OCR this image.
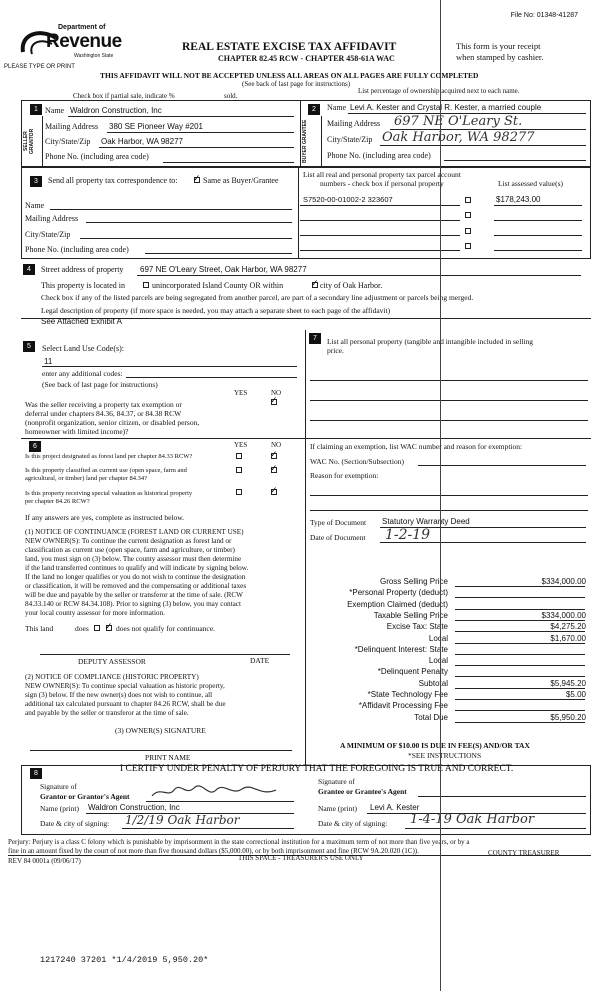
File No: 01348-41287
Department of
Revenue
Washington State
PLEASE TYPE OR PRINT
REAL ESTATE EXCISE TAX AFFIDAVIT
CHAPTER 82.45 RCW - CHAPTER 458-61A WAC
This form is your receipt
when stamped by cashier.
THIS AFFIDAVIT WILL NOT BE ACCEPTED UNLESS ALL AREAS ON ALL PAGES ARE FULLY COMPLETED
(See back of last page for instructions)
Check box if partial sale, indicate %	sold.
List percentage of ownership acquired next to each name.
1
SELLER GRANTOR
Name Waldron Construction, Inc
Mailing Address 380 SE Pioneer Way #201
City/State/Zip Oak Harbor, WA 98277
Phone No. (including area code)
2
BUYER GRANTEE
Name Levi A. Kester and Crystal R. Kester, a married couple
Mailing Address 697 NE O'Leary St.
City/State/Zip Oak Harbor, WA 98277
Phone No. (including area code)
3	Send all property tax correspondence to: ✓ Same as Buyer/Grantee
Name
Mailing Address
City/State/Zip
Phone No. (including area code)
List all real and personal property tax parcel account
numbers - check box if personal property	List assessed value(s)
S7520-00-01002-2 323607	$178,243.00
4	Street address of property 697 NE O'Leary Street, Oak Harbor, WA 98277
This property is located in	unincorporated Island County OR within	✓ city of Oak Harbor.
Check box if any of the listed parcels are being segregated from another parcel, are part of a secondary line adjustment or parcels being merged.
Legal description of property (if more space is needed, you may attach a separate sheet to each page of the affidavit)
See Attached Exhibit A
5	Select Land Use Code(s):
11
enter any additional codes:
(See back of last page for instructions)
YES	NO
Was the seller receiving a property tax exemption or
deferral under chapters 84.36, 84.37, or 84.38 RCW
(nonprofit organization, senior citizen, or disabled person,
homeowner with limited income)?
✓
7	List all personal property (tangible and intangible included in selling
price.
6	YES	NO
Is this project designated as forest land per chapter 84.33 RCW?	✓
Is this property classified as current use (open space, farm and
agricultural, or timber) land per chapter 84.34?
✓
Is this property receiving special valuation as historical property
per chapter 84.26 RCW?
✓
If any answers are yes, complete as instructed below.
(1) NOTICE OF CONTINUANCE (FOREST LAND OR CURRENT USE)
NEW OWNER(S): To continue the current designation as forest land or
classification as current use (open space, farm and agriculture, or timber)
land, you must sign on (3) below. The county assessor must then determine
if the land transferred continues to qualify and will indicate by signing below.
If the land no longer qualifies or you do not wish to continue the designation
or classification, it will be removed and the compensating or additional taxes
will be due and payable by the seller or transferor at the time of sale. (RCW
84.33.140 or RCW 84.34.108). Prior to signing (3) below, you may contact
your local county assessor for more information.
This land	does ✓ does not qualify for continuance.
DEPUTY ASSESSOR	DATE
(2) NOTICE OF COMPLIANCE (HISTORIC PROPERTY)
NEW OWNER(S): To continue special valuation as historic property,
sign (3) below. If the new owner(s) does not wish to continue, all
additional tax calculated pursuant to chapter 84.26 RCW, shall be due
and payable by the seller or transferor at the time of sale.
(3) OWNER(S) SIGNATURE
PRINT NAME
If claiming an exemption, list WAC number and reason for exemption:
WAC No. (Section/Subsection)
Reason for exemption:
Type of Document Statutory Warranty Deed
Date of Document 1-2-19
Gross Selling Price	$334,000.00
*Personal Property (deduct)
Exemption Claimed (deduct)
Taxable Selling Price	$334,000.00
Excise Tax: State	$4,275.20
Local	$1,670.00
*Delinquent Interest: State
Local
*Delinquent Penalty
Subtotal	$5,945.20
*State Technology Fee	$5.00
*Affidavit Processing Fee
Total Due	$5,950.20
A MINIMUM OF $10.00 IS DUE IN FEE(S) AND/OR TAX
*SEE INSTRUCTIONS
8	I CERTIFY UNDER PENALTY OF PERJURY THAT THE FOREGOING IS TRUE AND CORRECT.
Signature of
Grantor or Grantor's Agent
Name (print) Waldron Construction, Inc
Date & city of signing: 1/2/19 Oak Harbor
Signature of
Grantee or Grantee's Agent
Name (print) Levi A. Kester
Date & city of signing: 1-4-19 Oak Harbor
Perjury: Perjury is a class C felony which is punishable by imprisonment in the state correctional institution for a maximum term of not more than five years, or by a
fine in an amount fixed by the court of not more than five thousand dollars ($5,000.00), or by both imprisonment and fine (RCW 9A.20.020 (1C)).
REV 84 0001a (09/06/17)	THIS SPACE - TREASURER'S USE ONLY
COUNTY TREASURER
1217240 37201 *1/4/2019 5,950.20*
